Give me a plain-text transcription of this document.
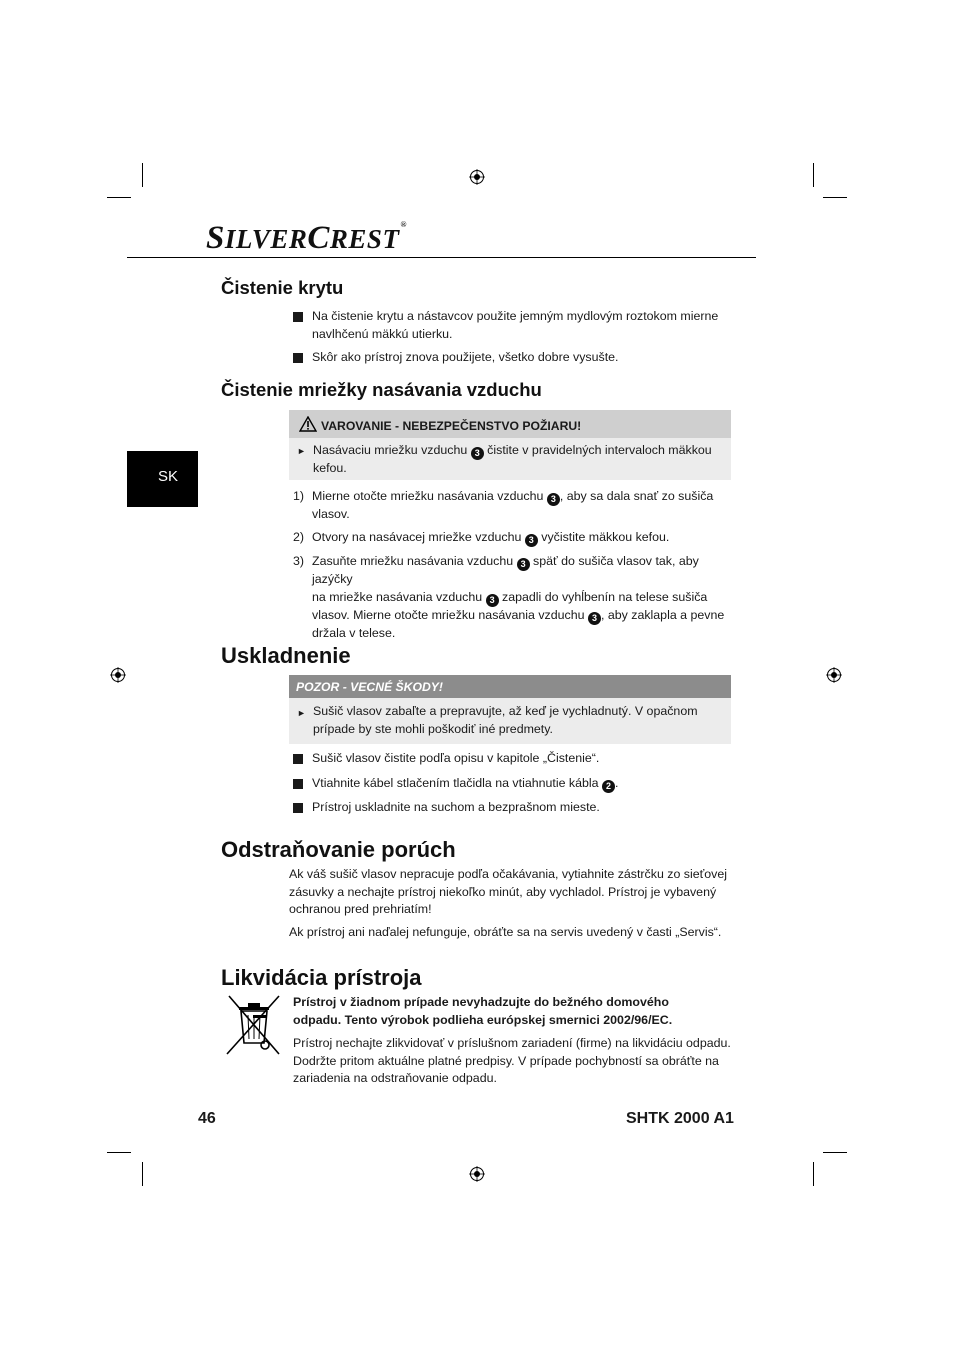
SILVERCREST®
SK
Čistenie krytu
Na čistenie krytu a nástavcov použite jemným mydlovým roztokom mierne
navlhčenú mäkkú utierku.
Skôr ako prístroj znova použijete, všetko dobre vysušte.
Čistenie mriežky nasávania vzduchu
VAROVANIE - NEBEZPEČENSTVO POŽIARU!
► Nasávaciu mriežku vzduchu 3 čistite v pravidelných intervaloch mäkkou
kefou.
1) Mierne otočte mriežku nasávania vzduchu 3 , aby sa dala snať zo sušiča
vlasov.
2) Otvory na nasávacej mriežke vzduchu 3 vyčistite mäkkou kefou.
3) Zasuňte mriežku nasávania vzduchu 3 späť do sušiča vlasov tak, aby jazýčky
na mriežke nasávania vzduchu 3 zapadli do vyhĺbenín na telese sušiča
vlasov. Mierne otočte mriežku nasávania vzduchu 3 , aby zaklapla a pevne
držala v telese.
Uskladnenie
POZOR - VECNÉ ŠKODY!
► Sušič vlasov zabaľte a prepravujte, až keď je vychladnutý. V opačnom
prípade by ste mohli poškodiť iné predmety.
Sušič vlasov čistite podľa opisu v kapitole „Čistenie“.
Vtiahnite kábel stlačením tlačidla na vtiahnutie kábla 2 .
Prístroj uskladnite na suchom a bezprašnom mieste.
Odstraňovanie porúch
Ak váš sušič vlasov nepracuje podľa očakávania, vytiahnite zástrčku zo sieťovej
zásuvky a nechajte prístroj niekoľko minút, aby vychladol. Prístroj je vybavený
ochranou pred prehriatím!
Ak prístroj ani naďalej nefunguje, obráťte sa na servis uvedený v časti „Servis“.
Likvidácia prístroja
Prístroj v žiadnom prípade nevyhadzujte do bežného domového
odpadu. Tento výrobok podlieha európskej smernici 2002/96/EC.
Prístroj nechajte zlikvidovať v príslušnom zariadení (firme) na likvidáciu odpadu.
Dodržte pritom aktuálne platné predpisy. V prípade pochybností sa obráťte na
zariadenia na odstraňovanie odpadu.
46	SHTK 2000 A1
